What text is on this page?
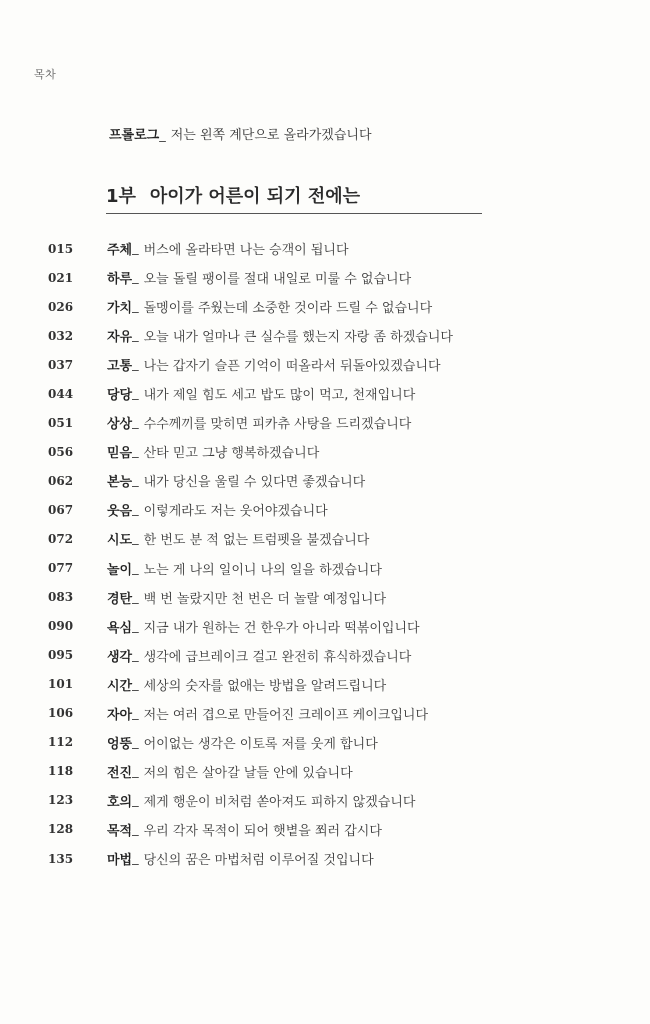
목차
프롤로그_ 저는 왼쪽 계단으로 올라가겠습니다
1부 아이가 어른이 되기 전에는
015	주체 _ 버스에 올라타면 나는 승객이 됩니다
021	하루 _ 오늘 돌릴 팽이를 절대 내일로 미룰 수 없습니다
026	가치 _ 돌멩이를 주웠는데 소중한 것이라 드릴 수 없습니다
032	자유 _ 오늘 내가 얼마나 큰 실수를 했는지 자랑 좀 하겠습니다
037	고통 _ 나는 갑자기 슬픈 기억이 떠올라서 뒤돌아있겠습니다
044	당당 _ 내가 제일 힘도 세고 밥도 많이 먹고, 천재입니다
051	상상 _ 수수께끼를 맞히면 피카츄 사탕을 드리겠습니다
056	믿음 _ 산타 믿고 그냥 행복하겠습니다
062	본능 _ 내가 당신을 울릴 수 있다면 좋겠습니다
067	웃음 _ 이렇게라도 저는 웃어야겠습니다
072	시도 _ 한 번도 분 적 없는 트럼펫을 불겠습니다
077	놀이 _ 노는 게 나의 일이니 나의 일을 하겠습니다
083	경탄 _ 백 번 놀랐지만 천 번은 더 놀랄 예정입니다
090	욕심 _ 지금 내가 원하는 건 한우가 아니라 떡볶이입니다
095	생각 _ 생각에 급브레이크 걸고 완전히 휴식하겠습니다
101	시간 _ 세상의 숫자를 없애는 방법을 알려드립니다
106	자아 _ 저는 여러 겹으로 만들어진 크레이프 케이크입니다
112	엉뚱 _ 어이없는 생각은 이토록 저를 웃게 합니다
118	전진 _ 저의 힘은 살아갈 날들 안에 있습니다
123	호의 _ 제게 행운이 비처럼 쏟아져도 피하지 않겠습니다
128	목적 _ 우리 각자 목적이 되어 햇볕을 쬐러 갑시다
135	마법 _ 당신의 꿈은 마법처럼 이루어질 것입니다
